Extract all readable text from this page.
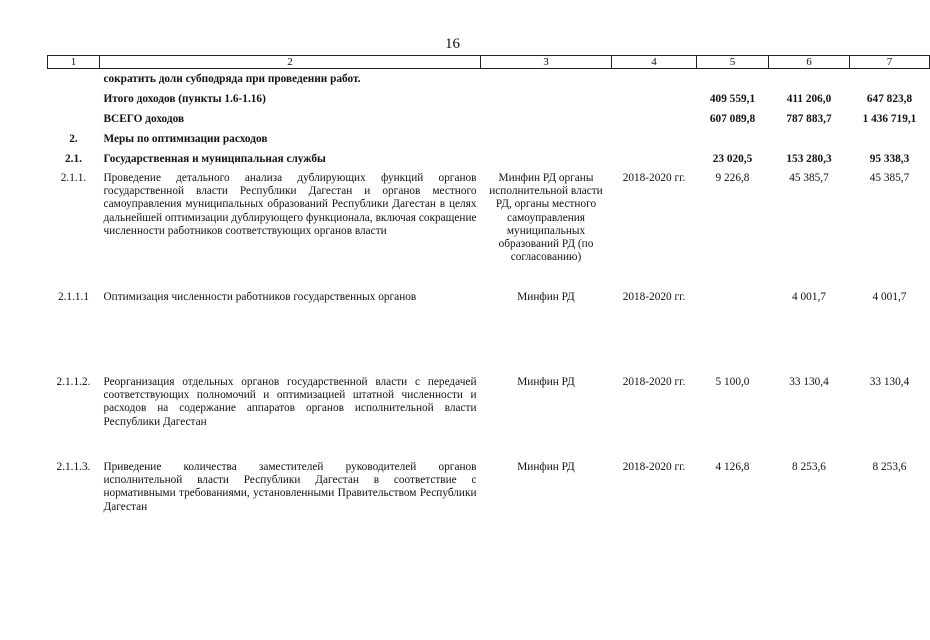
16
1	2	3	4	5	6	7
	сократить доли субподряда при проведении работ.					
	Итого доходов (пункты 1.6-1.16)			409 559,1	411 206,0	647 823,8
	ВСЕГО доходов			607 089,8	787 883,7	1 436 719,1
2.	Меры по оптимизации расходов					
2.1.	Государственная и муниципальная службы			23 020,5	153 280,3	95 338,3
2.1.1.	Проведение детального анализа дублирующих функций органов государственной власти Республики Дагестан и органов местного самоуправления муниципальных образований Республики Дагестан в целях дальнейшей оптимизации дублирующего функционала, включая сокращение численности работников соответствующих органов власти	Минфин РД органы исполнительной власти РД, органы местного самоуправления муниципальных образований РД (по согласованию)	2018-2020 гг.	9 226,8	45 385,7	45 385,7
2.1.1.1	Оптимизация численности работников государственных органов	Минфин РД	2018-2020 гг.		4 001,7	4 001,7
2.1.1.2.	Реорганизация отдельных органов государственной власти с передачей соответствующих полномочий и оптимизацией штатной численности и расходов на содержание аппаратов органов исполнительной власти Республики Дагестан	Минфин РД	2018-2020 гг.	5 100,0	33 130,4	33 130,4
2.1.1.3.	Приведение количества заместителей руководителей органов исполнительной власти Республики Дагестан в соответствие с нормативными требованиями, установленными Правительством Республики Дагестан	Минфин РД	2018-2020 гг.	4 126,8	8 253,6	8 253,6
